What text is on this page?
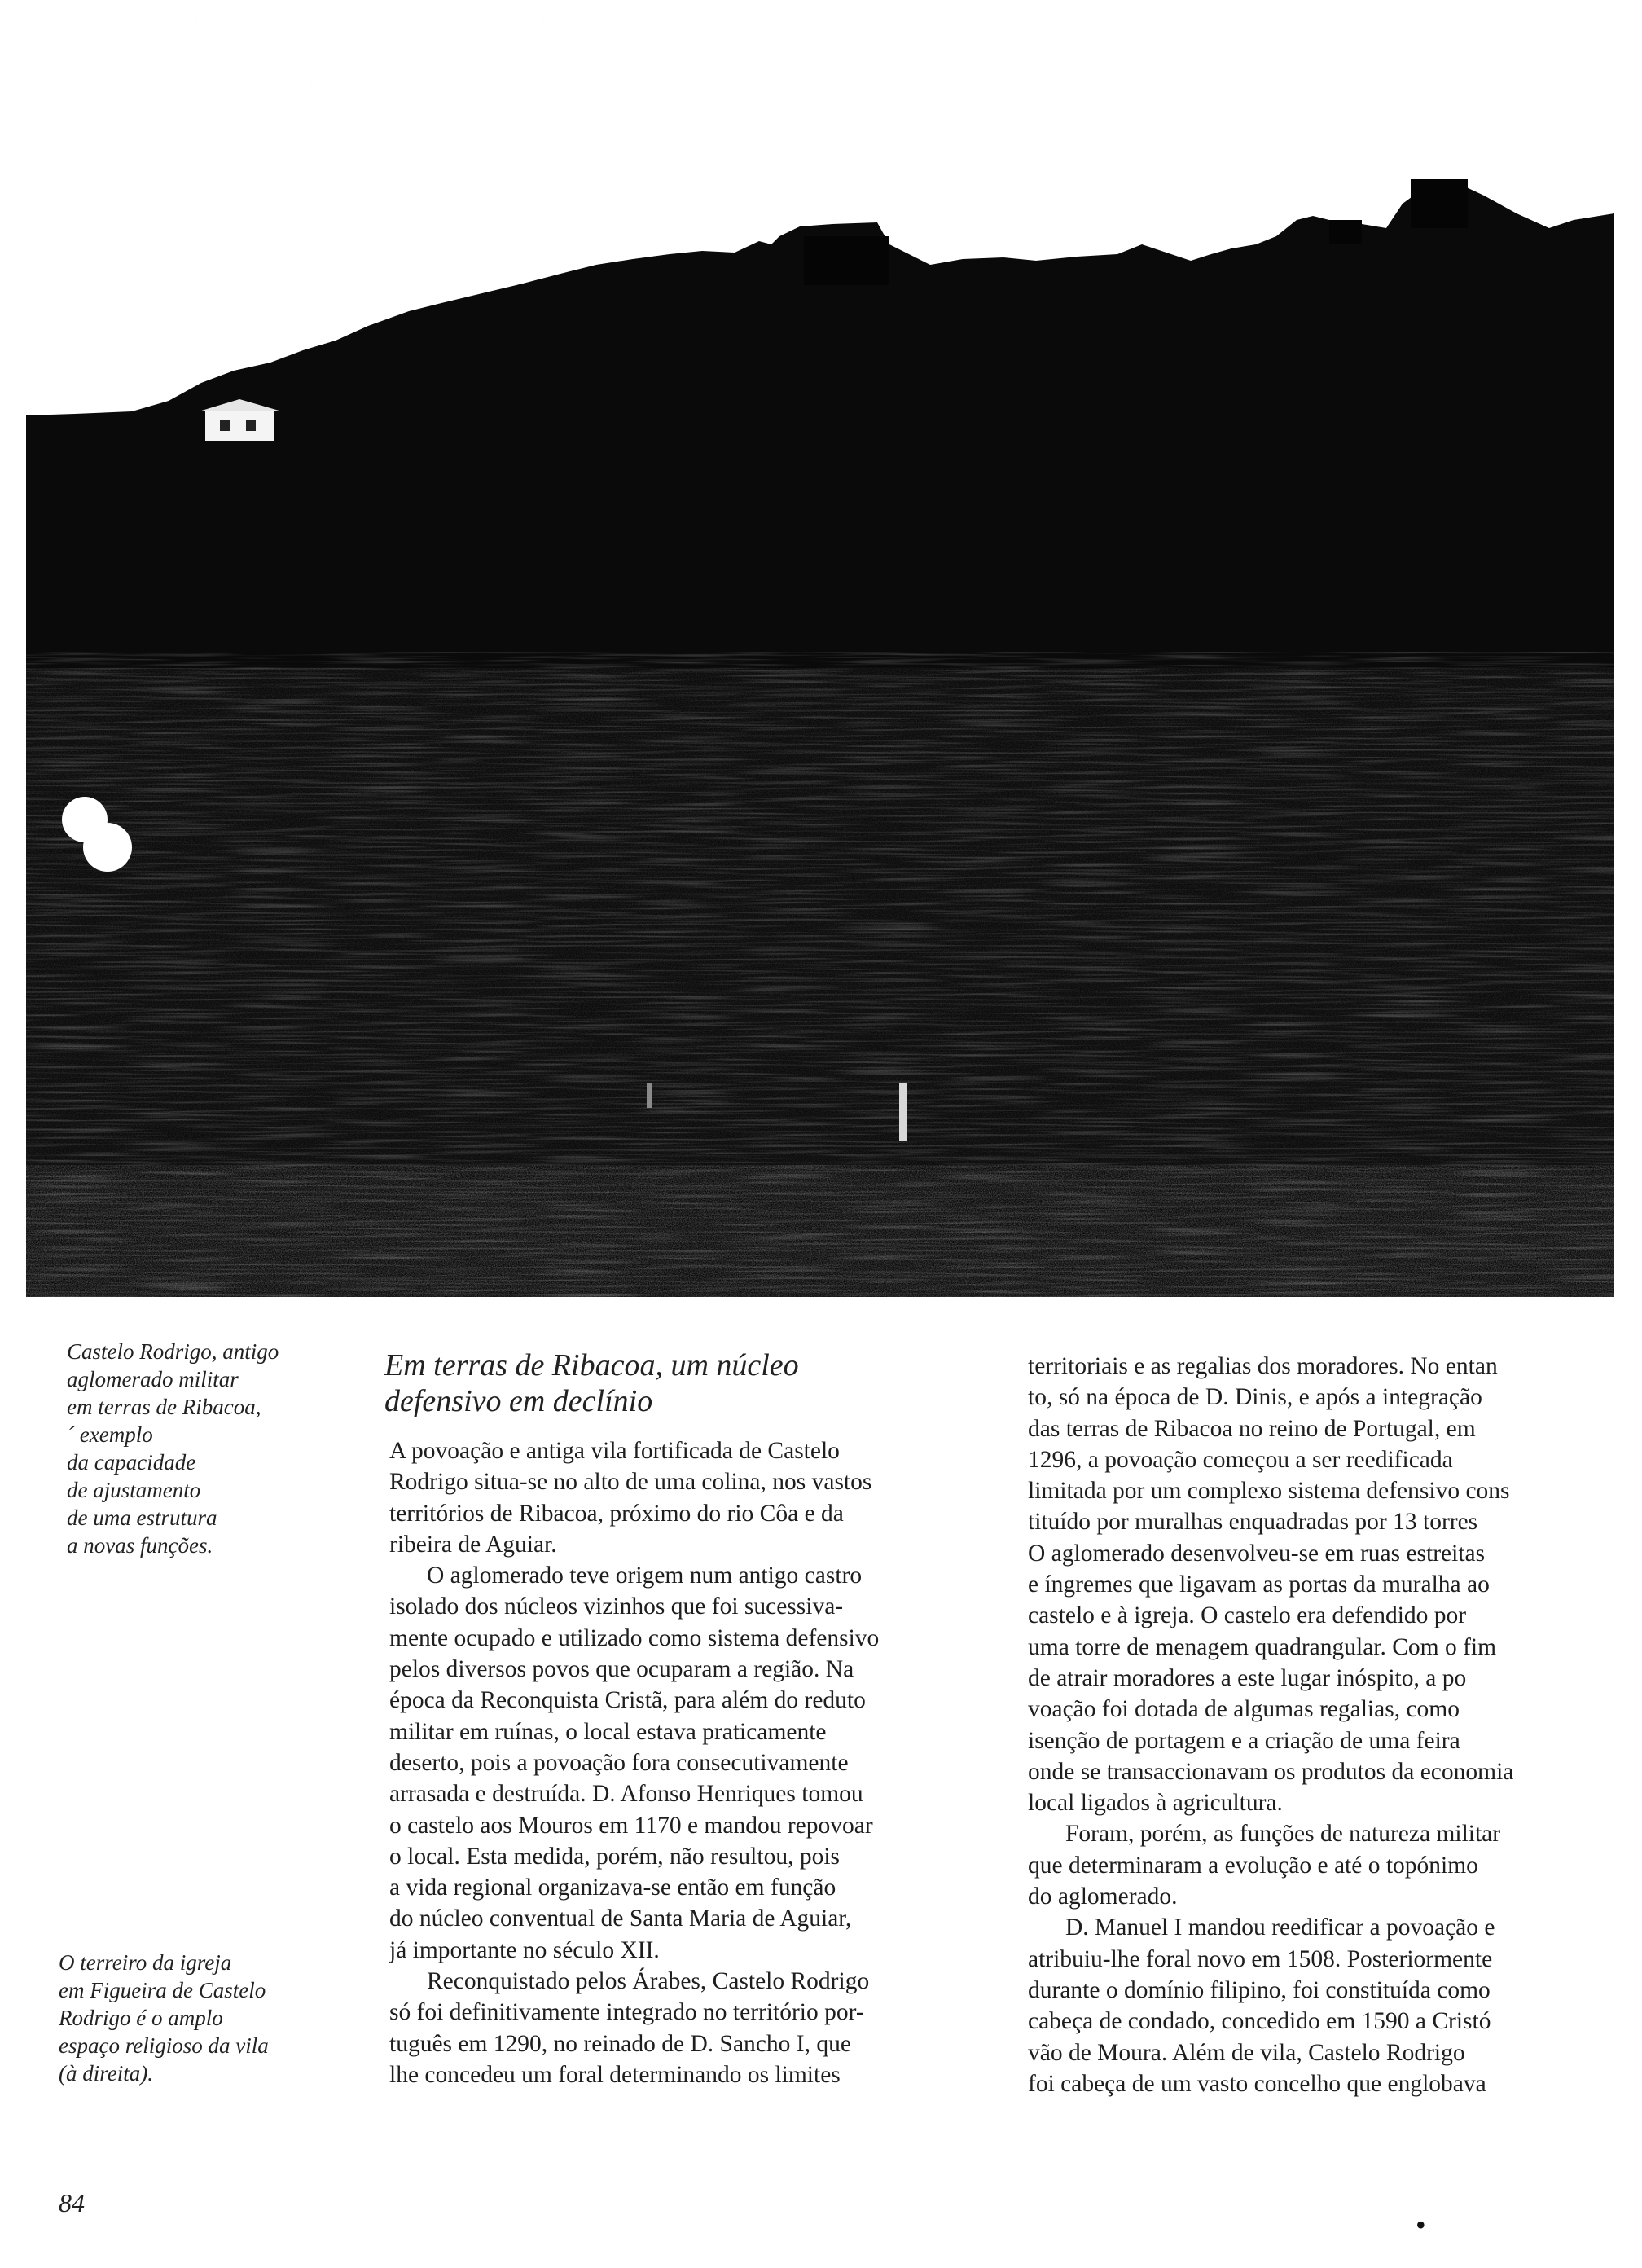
Castelo Rodrigo, antigo
aglomerado militar
em terras de Ribacoa,
´ exemplo
da capacidade
de ajustamento
de uma estrutura
a novas funções.
O terreiro da igreja
em Figueira de Castelo
Rodrigo é o amplo
espaço religioso da vila
(à direita).
Em terras de Ribacoa, um núcleo
defensivo em declínio
A povoação e antiga vila fortificada de Castelo
Rodrigo situa-se no alto de uma colina, nos vastos
territórios de Ribacoa, próximo do rio Côa e da
ribeira de Aguiar.
O aglomerado teve origem num antigo castro
isolado dos núcleos vizinhos que foi sucessiva-
mente ocupado e utilizado como sistema defensivo
pelos diversos povos que ocuparam a região. Na
época da Reconquista Cristã, para além do reduto
militar em ruínas, o local estava praticamente
deserto, pois a povoação fora consecutivamente
arrasada e destruída. D. Afonso Henriques tomou
o castelo aos Mouros em 1170 e mandou repovoar
o local. Esta medida, porém, não resultou, pois
a vida regional organizava-se então em função
do núcleo conventual de Santa Maria de Aguiar,
já importante no século XII.
Reconquistado pelos Árabes, Castelo Rodrigo
só foi definitivamente integrado no território por-
tuguês em 1290, no reinado de D. Sancho I, que
lhe concedeu um foral determinando os limites
territoriais e as regalias dos moradores. No entan
to, só na época de D. Dinis, e após a integração
das terras de Ribacoa no reino de Portugal, em
1296, a povoação começou a ser reedificada
limitada por um complexo sistema defensivo cons
tituído por muralhas enquadradas por 13 torres
O aglomerado desenvolveu-se em ruas estreitas
e íngremes que ligavam as portas da muralha ao
castelo e à igreja. O castelo era defendido por
uma torre de menagem quadrangular. Com o fim
de atrair moradores a este lugar inóspito, a po
voação foi dotada de algumas regalias, como
isenção de portagem e a criação de uma feira
onde se transaccionavam os produtos da economia
local ligados à agricultura.
Foram, porém, as funções de natureza militar
que determinaram a evolução e até o topónimo
do aglomerado.
D. Manuel I mandou reedificar a povoação e
atribuiu-lhe foral novo em 1508. Posteriormente
durante o domínio filipino, foi constituída como
cabeça de condado, concedido em 1590 a Cristó
vão de Moura. Além de vila, Castelo Rodrigo
foi cabeça de um vasto concelho que englobava
84
•
